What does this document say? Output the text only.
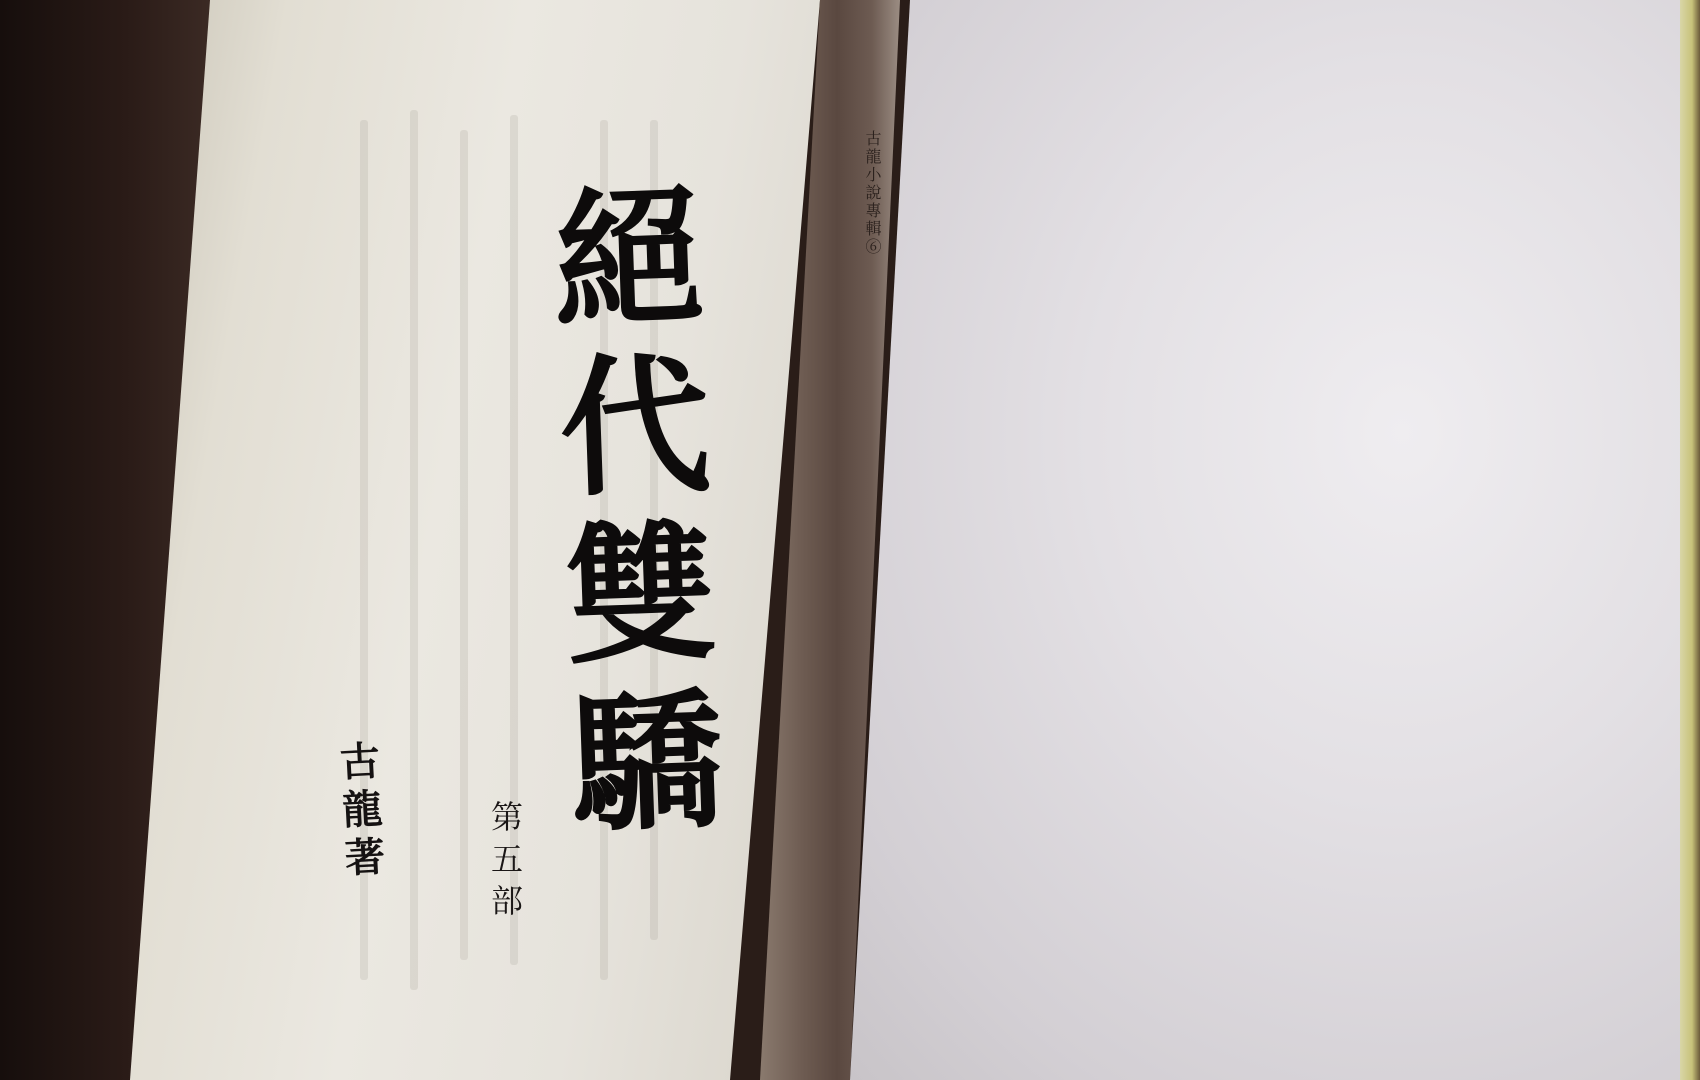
絕代雙驕
第五部
古龍著
古龍小說專輯⑥
